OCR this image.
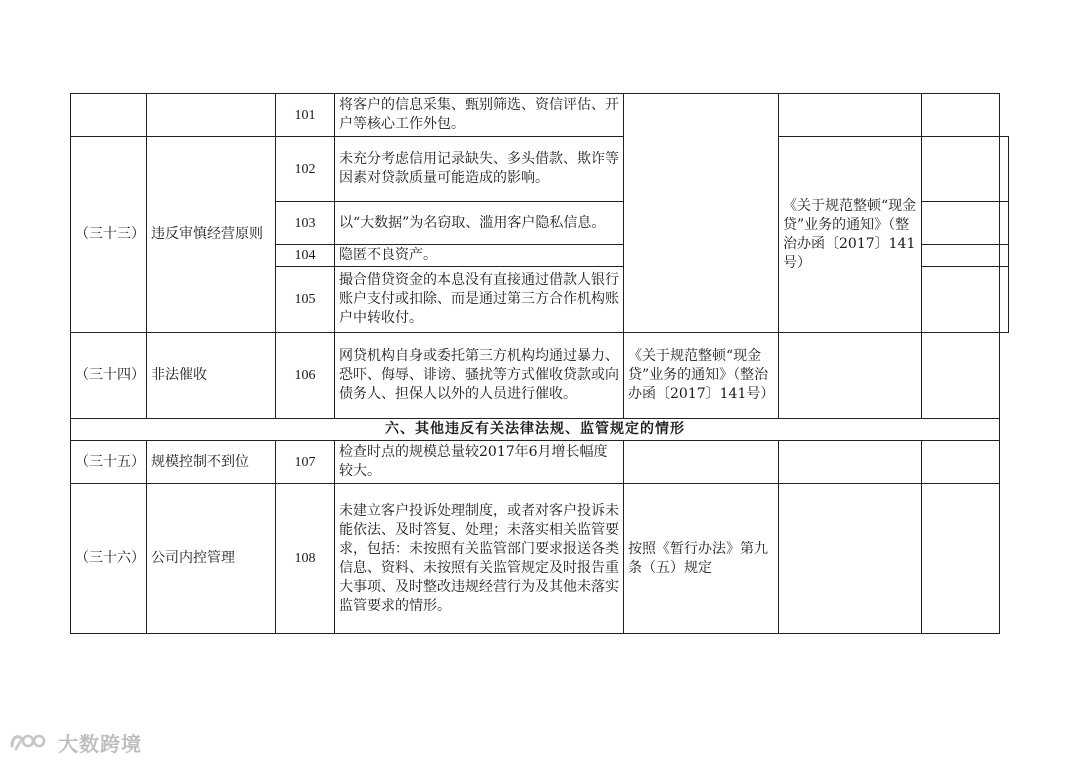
		101	将客户的信息采集、甄别筛选、资信评估、开户等核心工作外包。				
（三十三）	违反审慎经营原则	102	未充分考虑信用记录缺失、多头借款、欺诈等因素对贷款质量可能造成的影响。		《关于规范整顿“现金贷”业务的通知》（整治办函〔2017〕141号）		
		103	以“大数据”为名窃取、滥用客户隐私信息。				
		104	隐匿不良资产。				
		105	撮合借贷资金的本息没有直接通过借款人银行账户支付或扣除、而是通过第三方合作机构账户中转收付。				
（三十四）	非法催收	106	网贷机构自身或委托第三方机构均通过暴力、恐吓、侮辱、诽谤、骚扰等方式催收贷款或向债务人、担保人以外的人员进行催收。	《关于规范整顿“现金贷”业务的通知》（整治办函〔2017〕141号）			
六、其他违反有关法律法规、监管规定的情形							
（三十五）	规模控制不到位	107	检查时点的规模总量较2017年6月增长幅度较大。				
（三十六）	公司内控管理	108	未建立客户投诉处理制度，或者对客户投诉未能依法、及时答复、处理；未落实相关监管要求，包括：未按照有关监管部门要求报送各类信息、资料、未按照有关监管规定及时报告重大事项、及时整改违规经营行为及其他未落实监管要求的情形。	按照《暂行办法》第九条（五）规定			
大数跨境
